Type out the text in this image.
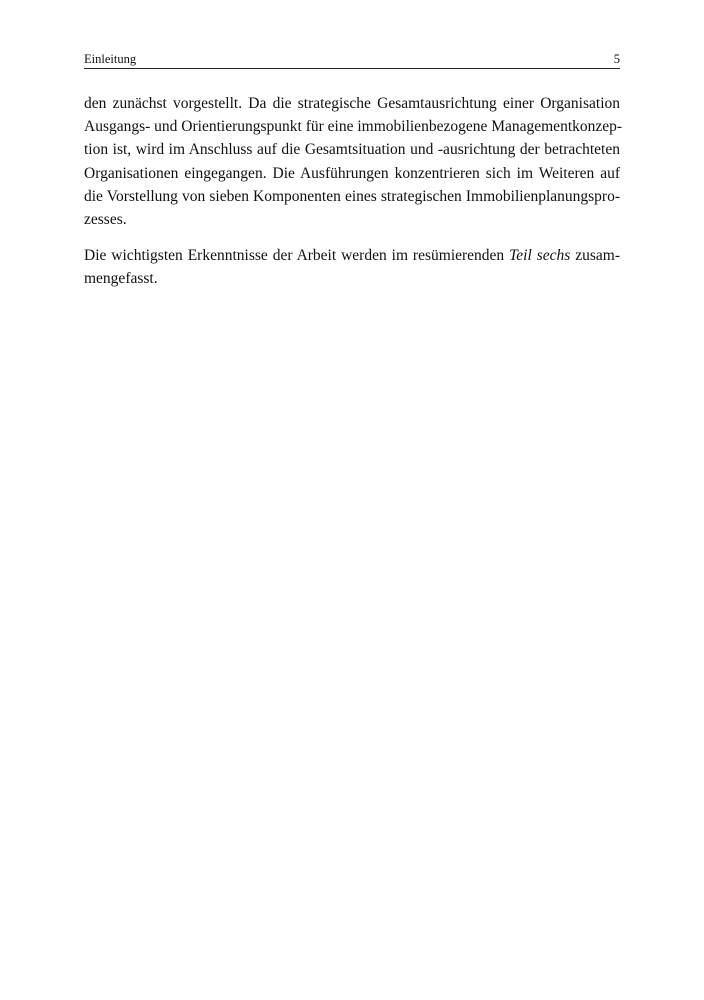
Einleitung	5

den zunächst vorgestellt. Da die strategische Gesamtausrichtung einer Organisation
Ausgangs- und Orientierungspunkt für eine immobilienbezogene Managementkonzep-
tion ist, wird im Anschluss auf die Gesamtsituation und -ausrichtung der betrachteten
Organisationen eingegangen. Die Ausführungen konzentrieren sich im Weiteren auf
die Vorstellung von sieben Komponenten eines strategischen Immobilienplanungspro-
zesses.

Die wichtigsten Erkenntnisse der Arbeit werden im resümierenden Teil sechs zusam-
mengefasst.
